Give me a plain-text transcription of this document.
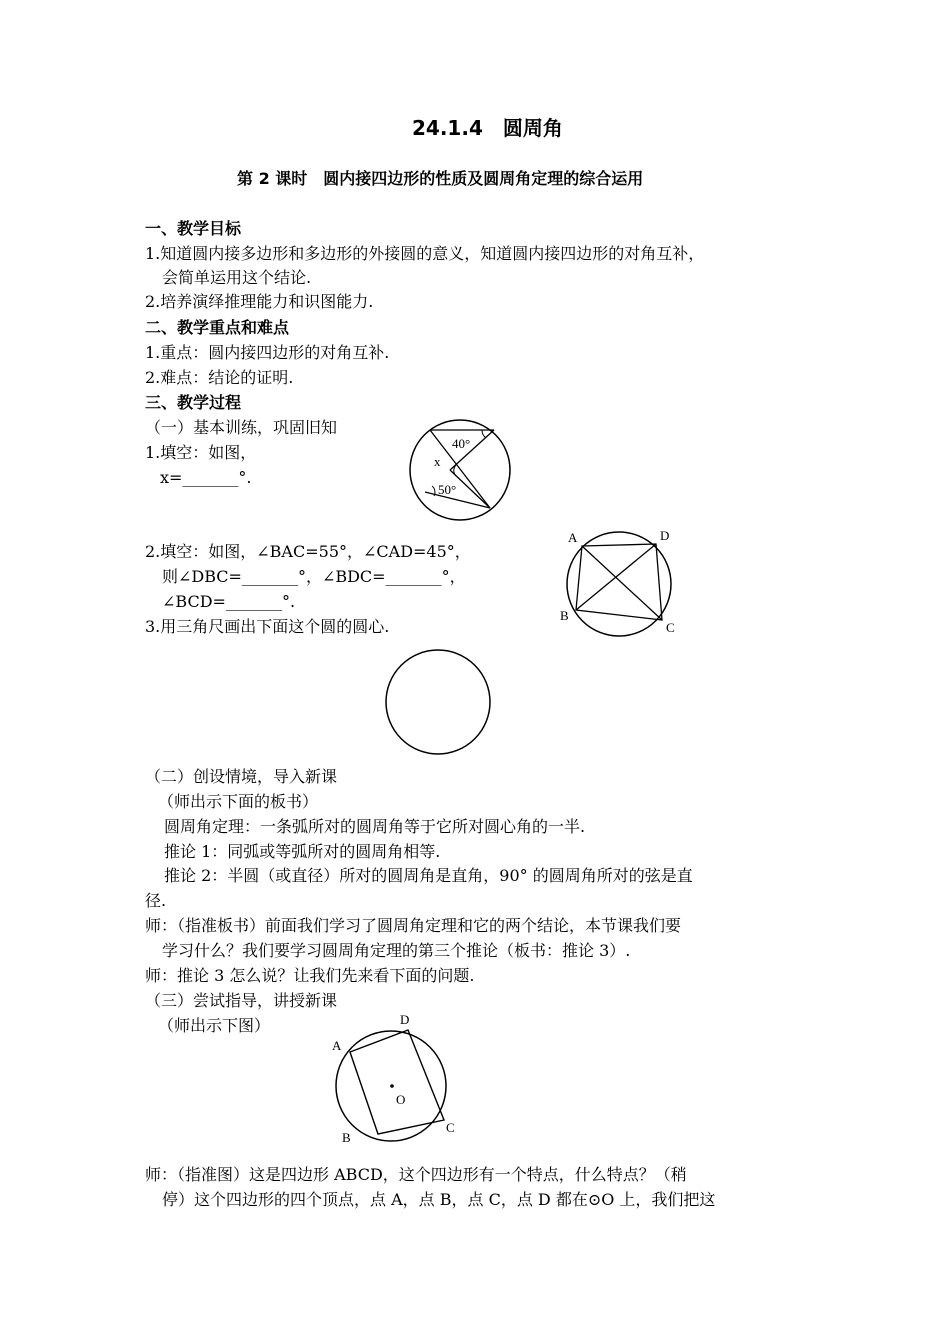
24.1.4　圆周角
第 2 课时　圆内接四边形的性质及圆周角定理的综合运用
一、教学目标
1.知道圆内接多边形和多边形的外接圆的意义，知道圆内接四边形的对角互补，
会简单运用这个结论.
2.培养演绎推理能力和识图能力.
二、教学重点和难点
1.重点：圆内接四边形的对角互补.
2.难点：结论的证明.
三、教学过程
（一）基本训练，巩固旧知
1.填空：如图，
x=_______°.
40°
x
50°
2.填空：如图，∠BAC=55°，∠CAD=45°，
则∠DBC=_______°，∠BDC=_______°，
∠BCD=_______°.
3.用三角尺画出下面这个圆的圆心.
A	D
B
C
（二）创设情境，导入新课
（师出示下面的板书）
圆周角定理：一条弧所对的圆周角等于它所对圆心角的一半.
推论 1：同弧或等弧所对的圆周角相等.
推论 2：半圆（或直径）所对的圆周角是直角，90° 的圆周角所对的弦是直
径.
师：（指准板书）前面我们学习了圆周角定理和它的两个结论，本节课我们要
学习什么？我们要学习圆周角定理的第三个推论（板书：推论 3）.
师：推论 3 怎么说？让我们先来看下面的问题.
（三）尝试指导，讲授新课
（师出示下图）	D
A
O
B
C
师：（指准图）这是四边形 ABCD，这个四边形有一个特点，什么特点？（稍
停）这个四边形的四个顶点，点 A，点 B，点 C，点 D 都在⊙O 上，我们把这
